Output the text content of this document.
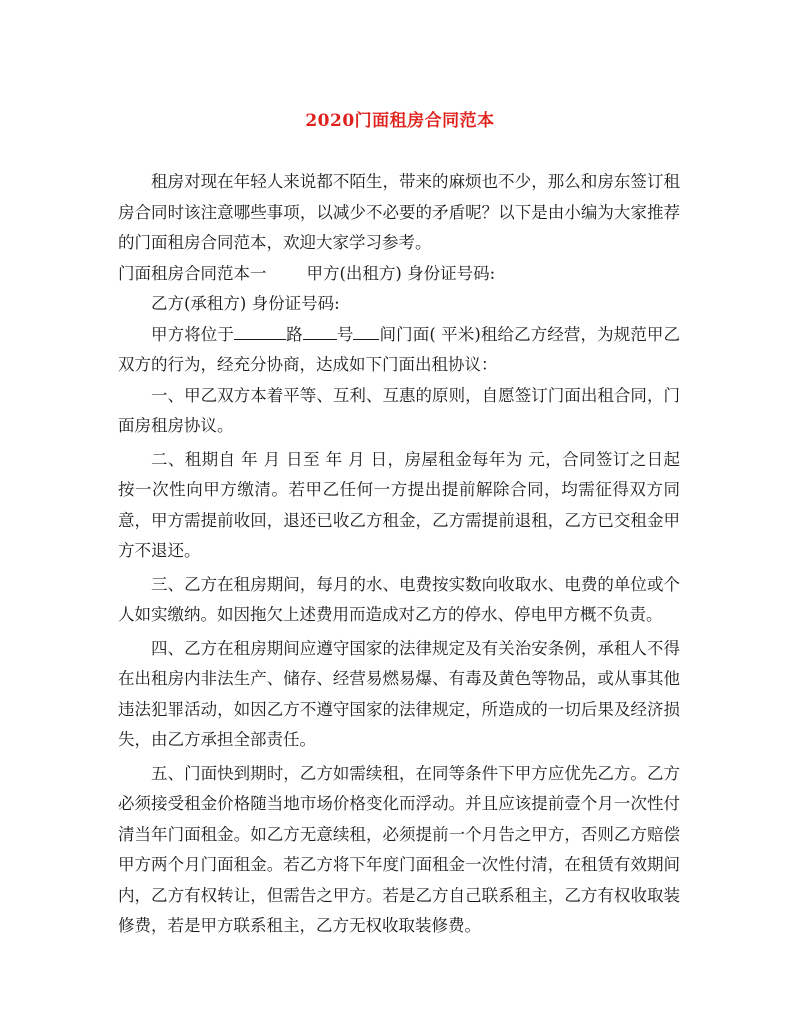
2020门面租房合同范本

租房对现在年轻人来说都不陌生，带来的麻烦也不少，那么和房东签订租房合同时该注意哪些事项，以减少不必要的矛盾呢？以下是由小编为大家推荐的门面租房合同范本，欢迎大家学习参考。

门面租房合同范本一 甲方(出租方) 身份证号码:

乙方(承租方) 身份证号码:

甲方将位于	路 号 间门面( 平米)租给乙方经营，为规范甲乙双方的行为，经充分协商，达成如下门面出租协议：

一、甲乙双方本着平等、互利、互惠的原则，自愿签订门面出租合同，门面房租房协议。

二、租期自 年 月 日至 年 月 日，房屋租金每年为 元，合同签订之日起按一次性向甲方缴清。若甲乙任何一方提出提前解除合同，均需征得双方同意，甲方需提前收回，退还已收乙方租金，乙方需提前退租，乙方已交租金甲方不退还。

三、乙方在租房期间，每月的水、电费按实数向收取水、电费的单位或个人如实缴纳。如因拖欠上述费用而造成对乙方的停水、停电甲方概不负责。

四、乙方在租房期间应遵守国家的法律规定及有关治安条例，承租人不得在出租房内非法生产、储存、经营易燃易爆、有毒及黄色等物品，或从事其他违法犯罪活动，如因乙方不遵守国家的法律规定，所造成的一切后果及经济损失，由乙方承担全部责任。

五、门面快到期时，乙方如需续租，在同等条件下甲方应优先乙方。乙方必须接受租金价格随当地市场价格变化而浮动。并且应该提前壹个月一次性付清当年门面租金。如乙方无意续租，必须提前一个月告之甲方，否则乙方赔偿甲方两个月门面租金。若乙方将下年度门面租金一次性付清，在租赁有效期间内，乙方有权转让，但需告之甲方。若是乙方自己联系租主，乙方有权收取装修费，若是甲方联系租主，乙方无权收取装修费。
